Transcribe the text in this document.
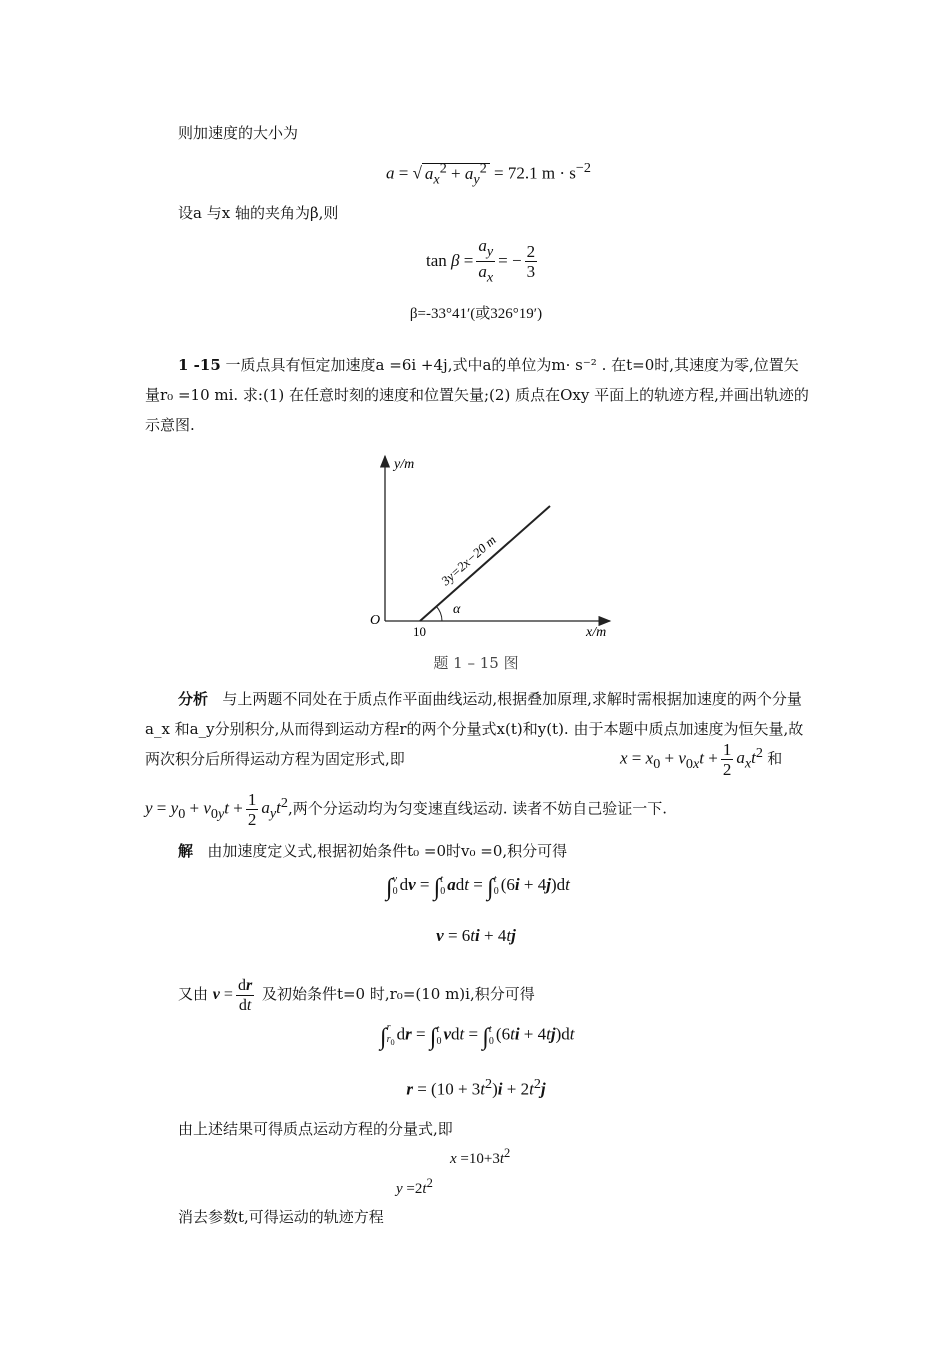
则加速度的大小为
a = √ $a_x^2 + a_y^2 = 72.1$ $m \cdot s^{-2}$
设a 与x 轴的夹角为β,则
$\tan \beta = \frac{a_y}{a_x}$ = − $\frac{2}{3}$
β=-33°41′(或326°19′)
1 -15 一质点具有恒定加速度a =6i +4j,式中a的单位为m· s⁻² . 在t=0时,其速度为零,位置矢量r₀ =10 mi. 求:(1) 在任意时刻的速度和位置矢量;(2) 质点在Oxy 平面上的轨迹方程,并画出轨迹的示意图.
y/m
x/m
O
10
α
3y=2x−20 m
题 1 – 15 图
分析 与上两题不同处在于质点作平面曲线运动,根据叠加原理,求解时需根据加速度的两个分量a_x 和a_y分别积分,从而得到运动方程r的两个分量式x(t)和y(t). 由于本题中质点加速度为恒矢量,故两次积分后所得运动方程为固定形式,即	$x = x_0 + v_{0x}t + \frac{1}{2} a_xt^2$ 和
$y = y_0 + v_{0y}t + \frac{1}{2} a_yt^2$,两个分运动均为匀变速直线运动. 读者不妨自己验证一下.
解 由加速度定义式,根据初始条件t₀ =0时v₀ =0,积分可得
∫ v
0 dv = ∫ t
0 adt = ∫ t
0 (6i + 4j)dt
v = 6ti + 4tj
又由 $v = \frac{dr}{dt}$ 及初始条件t=0 时,r₀=(10 m)i,积分可得
∫ r
$r_0$ dr = ∫ t
0 vdt = ∫ t
0 (6ti + 4tj)dt
$r = (10 + 3t^2)i + 2t^2j$
由上述结果可得质点运动方程的分量式,即
$x =10+3t^2$
$y =2t^2$
消去参数t,可得运动的轨迹方程
